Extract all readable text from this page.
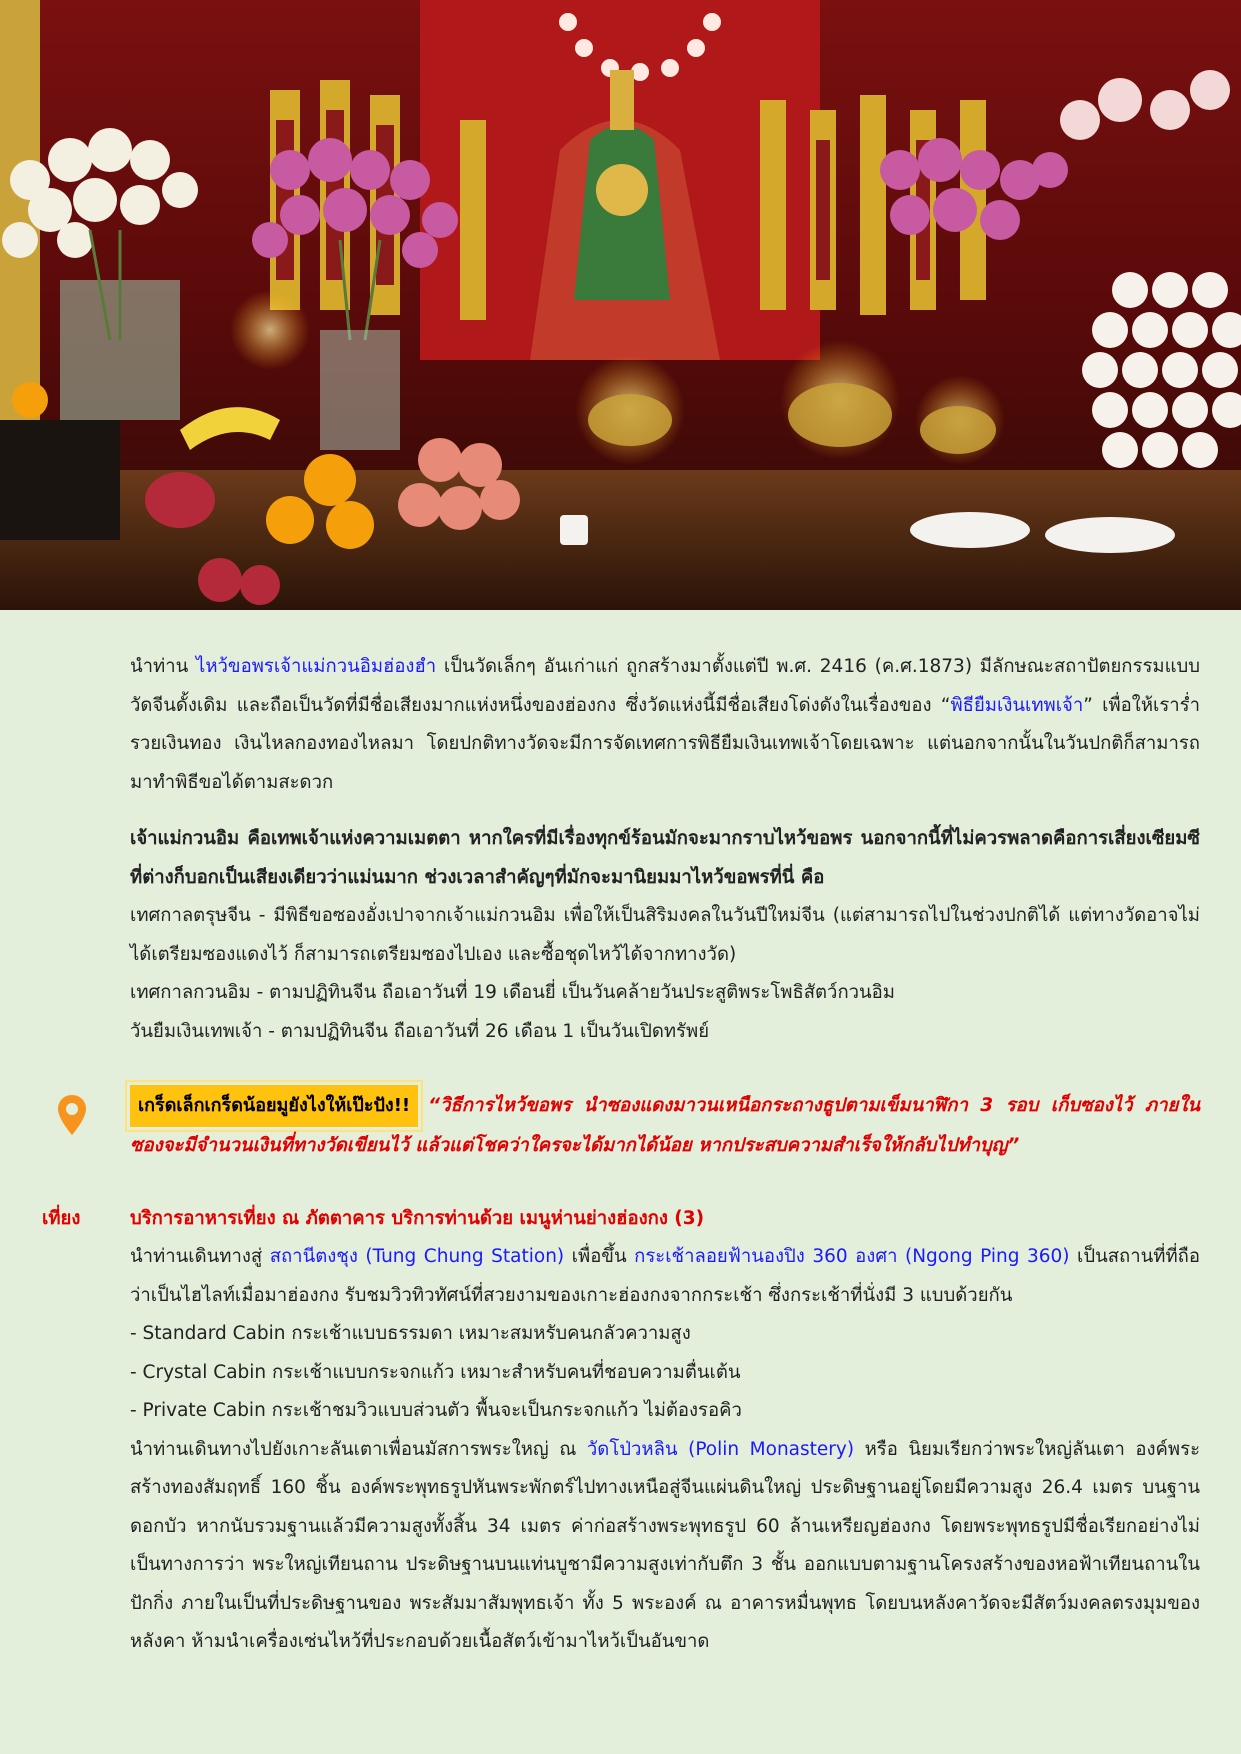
นำท่าน ไหว้ขอพรเจ้าแม่กวนอิมฮ่องฮำ เป็นวัดเล็กๆ อันเก่าแก่ ถูกสร้างมาตั้งแต่ปี พ.ศ. 2416 (ค.ศ.1873) มีลักษณะสถาปัตยกรรมแบบวัดจีนดั้งเดิม และถือเป็นวัดที่มีชื่อเสียงมากแห่งหนึ่งของฮ่องกง ซึ่งวัดแห่งนี้มีชื่อเสียงโด่งดังในเรื่องของ “พิธียืมเงินเทพเจ้า” เพื่อให้เรารํ่ารวยเงินทอง เงินไหลกองทองไหลมา โดยปกติทางวัดจะมีการจัดเทศการพิธียืมเงินเทพเจ้าโดยเฉพาะ แต่นอกจากนั้นในวันปกติก็สามารถมาทำพิธีขอได้ตามสะดวก

เจ้าแม่กวนอิม คือเทพเจ้าแห่งความเมตตา หากใครที่มีเรื่องทุกข์ร้อนมักจะมากราบไหว้ขอพร นอกจากนี้ที่ไม่ควรพลาดคือการเสี่ยงเซียมซี ที่ต่างก็บอกเป็นเสียงเดียวว่าแม่นมาก ช่วงเวลาสำคัญๆที่มักจะมานิยมมาไหว้ขอพรที่นี่ คือ

เทศกาลตรุษจีน - มีพิธีขอซองอั่งเปาจากเจ้าแม่กวนอิม เพื่อให้เป็นสิริมงคลในวันปีใหม่จีน (แต่สามารถไปในช่วงปกติได้ แต่ทางวัดอาจไม่ได้เตรียมซองแดงไว้ ก็สามารถเตรียมซองไปเอง และซื้อชุดไหว้ได้จากทางวัด)

เทศกาลกวนอิม - ตามปฏิทินจีน ถือเอาวันที่ 19 เดือนยี่ เป็นวันคล้ายวันประสูติพระโพธิสัตว์กวนอิม

วันยืมเงินเทพเจ้า - ตามปฏิทินจีน ถือเอาวันที่ 26 เดือน 1 เป็นวันเปิดทรัพย์

เกร็ดเล็กเกร็ดน้อยมูยังไงให้เป๊ะปัง!! “วิธีการไหว้ขอพร นำซองแดงมาวนเหนือกระถางธูปตามเข็มนาฬิกา 3 รอบ เก็บซองไว้ ภายในซองจะมีจำนวนเงินที่ทางวัดเขียนไว้ แล้วแต่โชคว่าใครจะได้มากได้น้อย หากประสบความสำเร็จให้กลับไปทำบุญ”

เที่ยง	บริการอาหารเที่ยง ณ ภัตตาคาร บริการท่านด้วย เมนูห่านย่างฮ่องกง (3)

นำท่านเดินทางสู่ สถานีตงชุง (Tung Chung Station) เพื่อขึ้น กระเช้าลอยฟ้านองปิง 360 องศา (Ngong Ping 360) เป็นสถานที่ที่ถือว่าเป็นไฮไลท์เมื่อมาฮ่องกง รับชมวิวทิวทัศน์ที่สวยงามของเกาะฮ่องกงจากกระเช้า ซึ่งกระเช้าที่นั่งมี 3 แบบด้วยกัน

- Standard Cabin กระเช้าแบบธรรมดา เหมาะสมหรับคนกลัวความสูง

- Crystal Cabin กระเช้าแบบกระจกแก้ว เหมาะสำหรับคนที่ชอบความตื่นเต้น

- Private Cabin กระเช้าชมวิวแบบส่วนตัว พื้นจะเป็นกระจกแก้ว ไม่ต้องรอคิว

นำท่านเดินทางไปยังเกาะลันเตาเพื่อนมัสการพระใหญ่ ณ วัดโป่วหลิน (Polin Monastery) หรือ นิยมเรียกว่าพระใหญ่ลันเตา องค์พระสร้างทองสัมฤทธิ์ 160 ชิ้น องค์พระพุทธรูปหันพระพักตร์ไปทางเหนือสู่จีนแผ่นดินใหญ่ ประดิษฐานอยู่โดยมีความสูง 26.4 เมตร บนฐานดอกบัว หากนับรวมฐานแล้วมีความสูงทั้งสิ้น 34 เมตร ค่าก่อสร้างพระพุทธรูป 60 ล้านเหรียญฮ่องกง โดยพระพุทธรูปมีชื่อเรียกอย่างไม่เป็นทางการว่า พระใหญ่เทียนถาน ประดิษฐานบนแท่นบูชามีความสูงเท่ากับตึก 3 ชั้น ออกแบบตามฐานโครงสร้างของหอฟ้าเทียนถานในปักกิ่ง ภายในเป็นที่ประดิษฐานของ พระสัมมาสัมพุทธเจ้า ทั้ง 5 พระองค์ ณ อาคารหมื่นพุทธ โดยบนหลังคาวัดจะมีสัตว์มงคลตรงมุมของหลังคา ห้ามนำเครื่องเซ่นไหว้ที่ประกอบด้วยเนื้อสัตว์เข้ามาไหว้เป็นอันขาด
